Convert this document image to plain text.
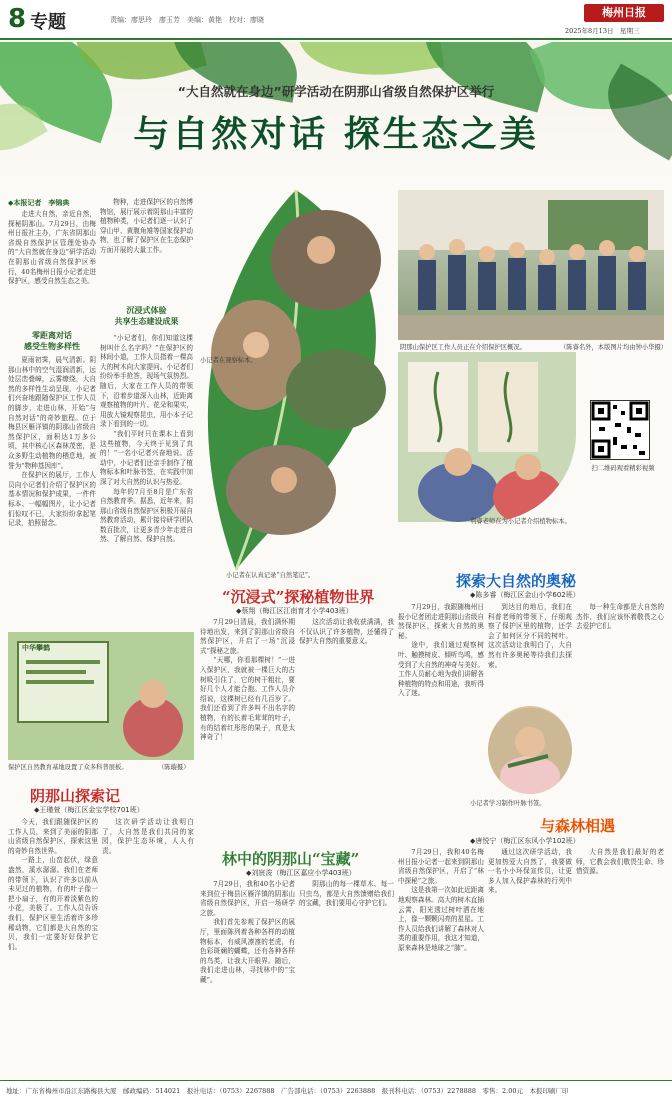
8 专题	责编：廖思玲　廖玉芳　美编：黄艳　校对：廖晓
梅州日报
2025年8月13日　星期三
“大自然就在身边”研学活动在阴那山省级自然保护区举行
与自然对话 探生态之美
◆本报记者　李锦典

走进大自然，亲近自然，探秘阴那山。7月29日，由梅州日报社主办，广东省阴那山省级自然保护区管理处协办的“大自然就在身边”研学活动在阴那山省级自然保护区举行，40名梅州日报小记者走进保护区，感受自然生态之美。

零距离对话
感受生物多样性

夏雨初霁，晨气清新。阴那山林中的空气湿润清新，远处层峦叠嶂，云雾缭绕，大自然的多样性生动呈现，小记者们兴奋地跟随保护区工作人员的脚步，走进山林，开始“与自然对话”的奇妙旅程。位于梅县区雁洋镇的阴那山省级自然保护区，面积达1万多公顷，其中核心区森林茂密，是众多野生动植物的栖息地，被誉为“物种基因库”。

在保护区的展厅，工作人员向小记者们介绍了保护区的基本情况和保护成果，一件件标本、一幅幅图片，让小记者们惊叹不已，大家纷纷拿起笔记录，拍照留念。

物种，走进保护区的自然博物馆，展厅展示着阴那山丰富的植物种类，小记者们逐一认识了穿山甲、黄腹角雉等国家保护动物，也了解了保护区在生态保护方面开展的大量工作。

沉浸式体验
共享生态建设成果

“小记者们，你们知道这棵树叫什么名字吗？”在保护区的林间小道，工作人员指着一棵高大的树木向大家提问。小记者们纷纷举手抢答，现场气氛热烈。随后，大家在工作人员的带领下，沿着步道深入山林，近距离观察植物的叶片、花朵和果实，用放大镜观察昆虫，用小本子记录下看到的一切。

“我们平时只在课本上看到这些植物，今天终于见到了真的！”一名小记者兴奋地说。活动中，小记者们还亲手制作了植物标本和叶脉书签，在实践中加深了对大自然的认识与热爱。

每年的7月至8月是广东省自然教育季。据悉，近年来，阴那山省级自然保护区积极开展自然教育活动，累计接待研学团队数百批次，让更多青少年走进自然、了解自然、保护自然。

小记者在观察标本。
小记者在认真记录“自然笔记”。
阴那山保护区工作人员正在介绍保护区概况。	（陈睿名外，本版图片均由钟小华摄）
利睿老师在为小记者介绍植物标本。
扫二维码观看精彩视频
中华攀鹤
保护区自然教育基地设置了众多科普展板。	（陈璇摄）
“沉浸式”探秘植物世界
◆蔡翔（梅江区江南育才小学403班）

7月29日清晨，我们满怀期待地出发，来到了阴那山省级自然保护区，开启了一场“沉浸式”探秘之旅。

“天哪，你看那棵树！”一进入保护区，我就被一棵巨大的古树吸引住了，它的树干粗壮，要好几个人才能合抱。工作人员介绍说，这棵树已经有几百岁了。我们还看到了许多叫不出名字的植物，有的长着毛茸茸的叶子，有的结着红彤彤的果子，真是太神奇了！

这次活动让我收获满满，我不仅认识了许多植物，还懂得了保护大自然的重要意义。

阴那山探索记
◆王瑾萱（梅江区金宝学校701班）

今天，我们跟随保护区的工作人员，来到了美丽的阴那山省级自然保护区，探索这里的奇妙自然世界。

一路上，山峦起伏，绿意盎然，溪水潺潺。我们在老师的带领下，认识了许多以前从未见过的植物，有的叶子像一把小扇子，有的开着淡紫色的小花，美极了。工作人员告诉我们，保护区里生活着许多珍稀动物，它们都是大自然的宝贝，我们一定要好好保护它们。

这次研学活动让我明白了，大自然是我们共同的家园，保护生态环境，人人有责。	林中的阴那山“宝藏”
◆刘宸浚（梅江区嘉应小学403班）

7月29日，我和40名小记者来到位于梅县区雁洋镇的阴那山省级自然保护区，开启一场研学之旅。

我们首先参观了保护区的展厅，里面陈列着各种各样的动植物标本，有威风凛凛的老虎，有色彩斑斓的蝴蝶，还有各种各样的鸟类，让我大开眼界。随后，我们走进山林，寻找林中的“宝藏”。

阴那山的每一棵草木、每一只虫鸟，都是大自然馈赠给我们的宝藏，我们要用心守护它们。

探索大自然的奥秘
◆陈多睿（梅江区金山小学602班）

7月29日，我跟随梅州日报小记者团走进阴那山省级自然保护区，探索大自然的奥秘。

途中，我们通过观察树叶、触摸树皮、倾听鸟鸣，感受到了大自然的神奇与美好。工作人员耐心地为我们讲解各种植物的特点和用途，我听得入了迷。

到达目的地后，我们在科普老师的带领下，仔细观察了保护区里的植物，还学会了如何区分不同的树叶。这次活动让我明白了，大自然有许多奥秘等待我们去探索。

每一种生命都是大自然的杰作，我们应该怀着敬畏之心去爱护它们。

小记者学习制作叶脉书签。
与森林相遇
◆唐悦宁（梅江区东风小学102班）

7月29日，我和40名梅州日报小记者一起来到阴那山省级自然保护区，开启了“林中探秘”之旅。

这是我第一次如此近距离地观察森林。高大的树木直插云霄，阳光透过树叶洒在地上，像一颗颗闪亮的星星。工作人员给我们讲解了森林对人类的重要作用，我这才知道，原来森林是地球之“肺”。

通过这次研学活动，我更加热爱大自然了，我要做一名小小环保宣传员，让更多人加入保护森林的行列中来。

大自然是我们最好的老师，它教会我们敬畏生命、珍惜资源。

地址：广东省梅州市沿江东路梅县大厦　邮政编码：514021　报社电话：（0753）2267888　广告部电话：（0753）2263888　报刊科电话：（0753）2278888　零售：2.00元　本报印刷厂印
